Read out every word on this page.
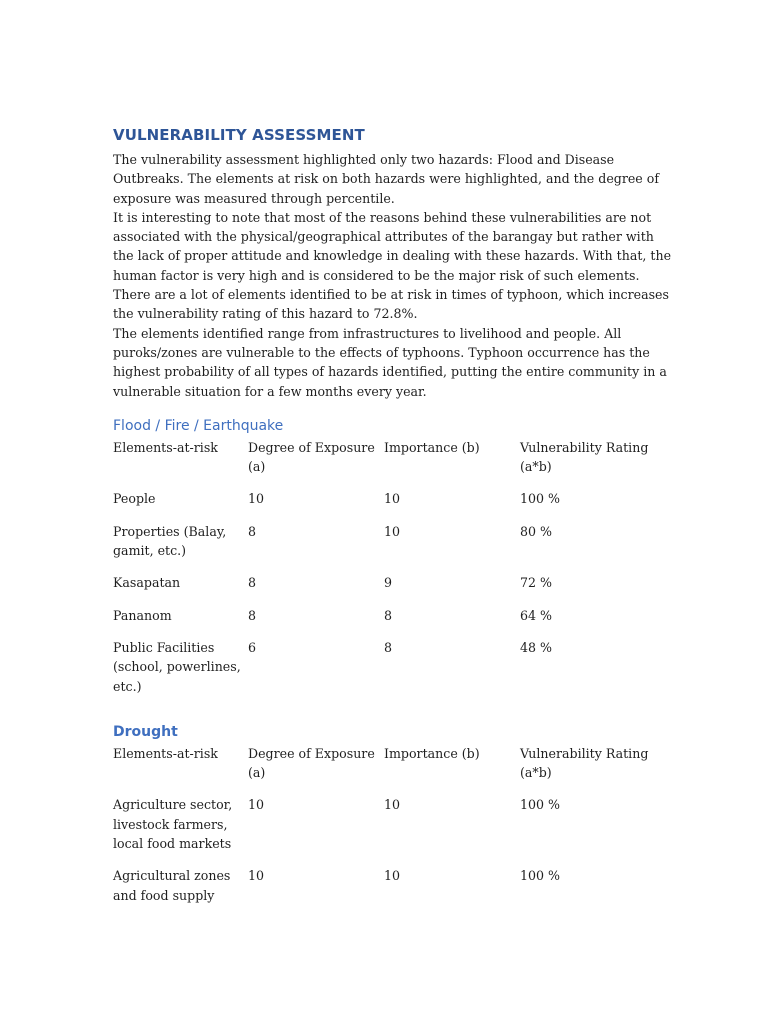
VULNERABILITY ASSESSMENT

The vulnerability assessment highlighted only two hazards: Flood and Disease Outbreaks. The elements at risk on both hazards were highlighted, and the degree of exposure was measured through percentile.

It is interesting to note that most of the reasons behind these vulnerabilities are not associated with the physical/geographical attributes of the barangay but rather with the lack of proper attitude and knowledge in dealing with these hazards. With that, the human factor is very high and is considered to be the major risk of such elements.

There are a lot of elements identified to be at risk in times of typhoon, which increases the vulnerability rating of this hazard to 72.8%.

The elements identified range from infrastructures to livelihood and people. All puroks/zones are vulnerable to the effects of typhoons. Typhoon occurrence has the highest probability of all types of hazards identified, putting the entire community in a vulnerable situation for a few months every year.

Flood / Fire / Earthquake
Elements-at-risk	Degree of Exposure (a)	Importance (b)	Vulnerability Rating (a*b)

People	10	10	100 %

Properties (Balay, gamit, etc.)	8	10	80 %

Kasapatan	8	9	72 %

Pananom	8	8	64 %

Public Facilities (school, powerlines, etc.)	6	8	48 %
Drought
Elements-at-risk	Degree of Exposure (a)	Importance (b)	Vulnerability Rating (a*b)

Agriculture sector, livestock farmers, local food markets	10	10	100 %

Agricultural zones and food supply	10	10	100 %
